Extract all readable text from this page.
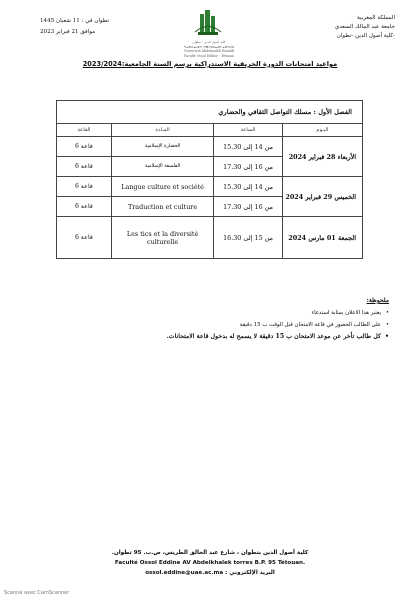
المملكة المغربية
جامعة عبد المالك السعدي
كلية أصول الدين -تطوان-
كلية أصول الدين - تطوان
ⵜⴰⵙⴷⴰⵡⵉⵜ ⵄⴱⴷⵍⵎⴰⵍⴽ ⴰⵙⵄⴷⵉ
Université Abdelmalek Essaâdi
Faculté Ossol Eddine - Tétouan
تطوان في : 11 شعبان 1445
موافق 21 فبراير 2023
مواعيد امتحانات الدورة الخريفية الاستدراكية برسم السنة الجامعية:2023/2024
الفصل الأول : مسلك التواصل الثقافي والحضاري			
القاعة	المـادة	الساعة	اليـوم
قاعة 6	الحضارة الإسلامية	من 14 إلى 15.30	الأربعاء 28 فبراير 2024
قاعة 6	الفلسفة الإسلامية	من 16 إلى 17.30	
قاعة 6	Langue culture et société	من 14 إلى 15.30	الخميس 29 فبراير 2024
قاعة 6	Traduction et culture	من 16 إلى 17.30	
قاعة 6	Les tics et la diversité culturelle	من 15 إلى 16.30	الجمعة 01 مارس 2024
ملحوظة:
يعتبر هذا الاعلان بمثابة استدعاء •
على الطالب الحضور في قاعة الامتحان قبل الوقت ب 15 دقيقة •
كل طالب تأخر عن موعد الامتحان ب 15 دقيقة لا يسمح له بدخول قاعة الامتحانات. •
كلية أصول الدين بتطوان ، شارع عبد الخالق الطريس، ص.ب. 95 تطوان.
Faculté Ossol Eddine AV Abdelkhalek torres B.P. 95 Tétouan.
البريد الإلكتروني : ossol.eddine@uae.ac.ma
Scanné avec CamScanner
